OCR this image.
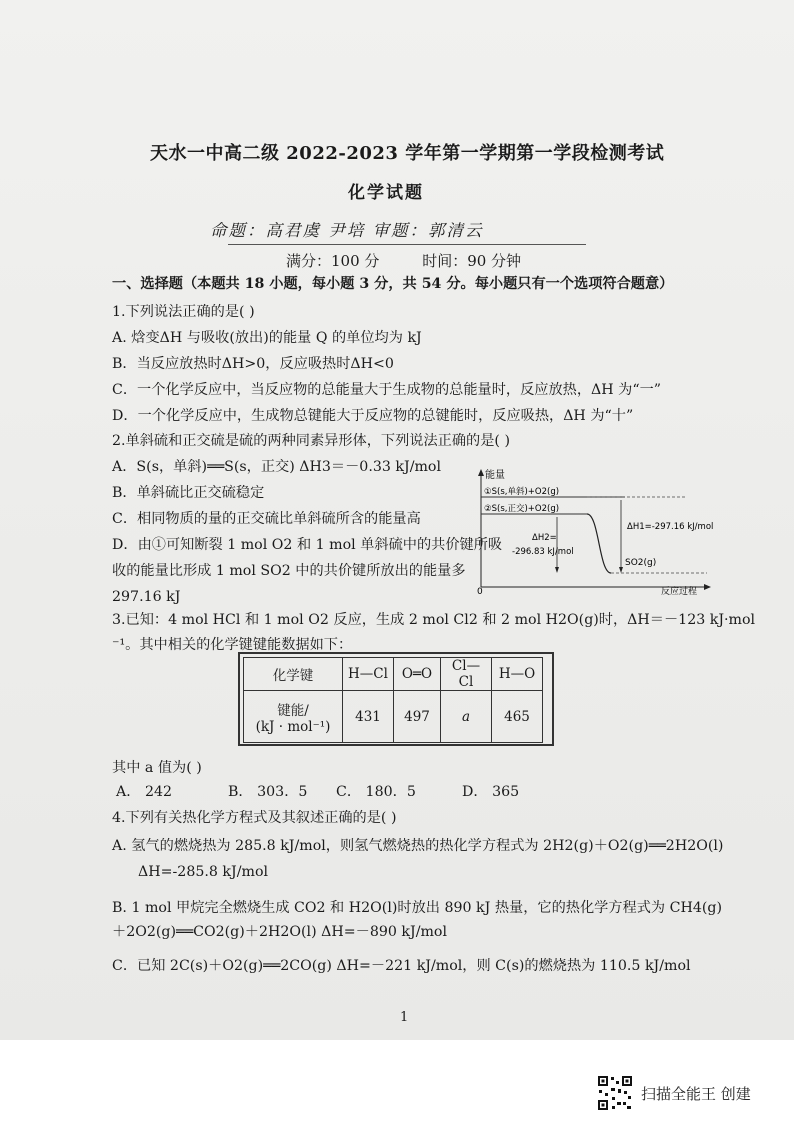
天水一中高二级 2022-2023 学年第一学期第一学段检测考试
化学试题
命题：高君虞 尹培 审题：郭清云
满分：100 分	时间：90 分钟
一、选择题（本题共 18 小题，每小题 3 分，共 54 分。每小题只有一个选项符合题意）
1.下列说法正确的是( )
A. 焓变ΔH 与吸收(放出)的能量 Q 的单位均为 kJ
B．当反应放热时ΔH>0，反应吸热时ΔH<0
C．一个化学反应中，当反应物的总能量大于生成物的总能量时，反应放热，ΔH 为“一”
D．一个化学反应中，生成物总键能大于反应物的总键能时，反应吸热，ΔH 为“十”
2.单斜硫和正交硫是硫的两种同素异形体，下列说法正确的是( )
A．S(s，单斜)══S(s，正交) ΔH3＝－0.33 kJ/mol
B．单斜硫比正交硫稳定
C．相同物质的量的正交硫比单斜硫所含的能量高
D．由①可知断裂 1 mol O2 和 1 mol 单斜硫中的共价键所吸
收的能量比形成 1 mol SO2 中的共价键所放出的能量多
297.16 kJ
能量
①S(s,单斜)+O2(g)
②S(s,正交)+O2(g)
ΔH2=
-296.83 kJ/mol
ΔH1=-297.16 kJ/mol
SO2(g)
0	反应过程
3.已知：4 mol HCl 和 1 mol O2 反应，生成 2 mol Cl2 和 2 mol H2O(g)时，ΔH＝－123 kJ·mol
⁻¹。其中相关的化学键键能数据如下：
化学键	H—Cl	O═O	Cl—Cl	H—O

键能/
(kJ · mol⁻¹)	431	497	a	465
其中 a 值为( )
A． 242	B． 303．5 C． 180．5	D． 365
4.下列有关热化学方程式及其叙述正确的是( )
A. 氢气的燃烧热为 285.8 kJ/mol，则氢气燃烧热的热化学方程式为 2H2(g)＋O2(g)══2H2O(l)
ΔH=-285.8 kJ/mol
B. 1 mol 甲烷完全燃烧生成 CO2 和 H2O(l)时放出 890 kJ 热量，它的热化学方程式为 CH4(g)
＋2O2(g)══CO2(g)＋2H2O(l) ΔH=－890 kJ/mol
C．已知 2C(s)＋O2(g)══2CO(g) ΔH=－221 kJ/mol，则 C(s)的燃烧热为 110.5 kJ/mol
1
扫描全能王 创建
